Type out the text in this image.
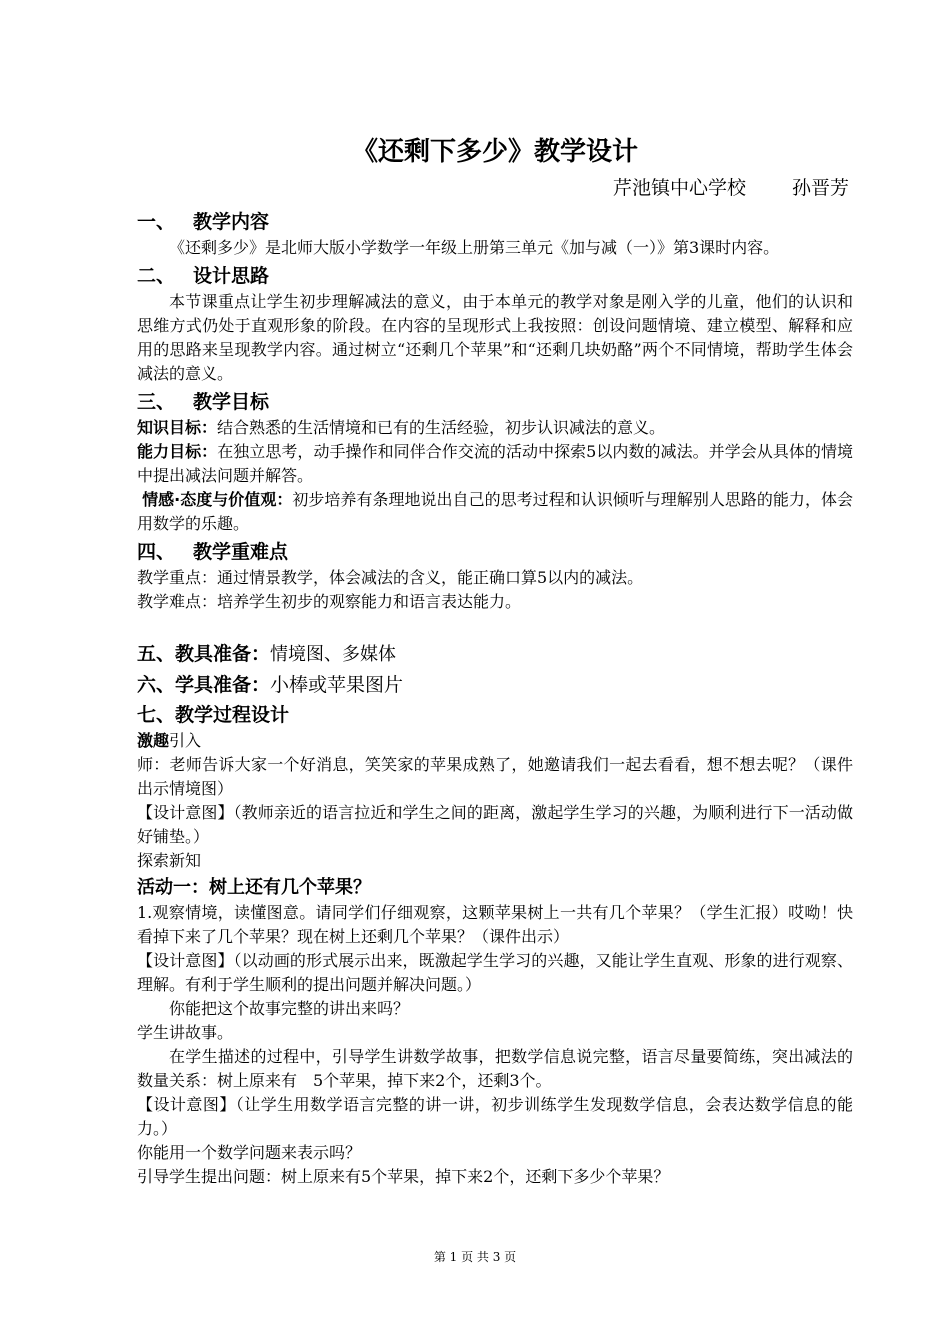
《还剩下多少》教学设计
芹池镇中心学校 孙晋芳
一、 教学内容

《还剩多少》是北师大版小学数学一年级上册第三单元《加与减（一）》第3课时内容。

二、 设计思路

本节课重点让学生初步理解减法的意义，由于本单元的教学对象是刚入学的儿童，他们的认识和思维方式仍处于直观形象的阶段。在内容的呈现形式上我按照：创设问题情境、建立模型、解释和应用的思路来呈现教学内容。通过树立“还剩几个苹果”和“还剩几块奶酪”两个不同情境，帮助学生体会减法的意义。

三、 教学目标

知识目标：结合熟悉的生活情境和已有的生活经验，初步认识减法的意义。

能力目标：在独立思考，动手操作和同伴合作交流的活动中探索5以内数的减法。并学会从具体的情境中提出减法问题并解答。

情感·态度与价值观：初步培养有条理地说出自己的思考过程和认识倾听与理解别人思路的能力，体会用数学的乐趣。

四、 教学重难点

教学重点：通过情景教学，体会减法的含义，能正确口算5以内的减法。

教学难点：培养学生初步的观察能力和语言表达能力。

五、教具准备：情境图、多媒体
六、学具准备：小棒或苹果图片
七、教学过程设计

激趣引入

师：老师告诉大家一个好消息，笑笑家的苹果成熟了，她邀请我们一起去看看，想不想去呢？（课件出示情境图）

【设计意图】（教师亲近的语言拉近和学生之间的距离，激起学生学习的兴趣，为顺利进行下一活动做好铺垫。）

探索新知

活动一：树上还有几个苹果？

1.观察情境，读懂图意。请同学们仔细观察，这颗苹果树上一共有几个苹果？（学生汇报）哎呦！快看掉下来了几个苹果？现在树上还剩几个苹果？（课件出示）

【设计意图】（以动画的形式展示出来，既激起学生学习的兴趣，又能让学生直观、形象的进行观察、理解。有利于学生顺利的提出问题并解决问题。）

你能把这个故事完整的讲出来吗？

学生讲故事。

在学生描述的过程中，引导学生讲数学故事，把数学信息说完整，语言尽量要简练，突出减法的数量关系：树上原来有　5个苹果，掉下来2个，还剩3个。

【设计意图】（让学生用数学语言完整的讲一讲，初步训练学生发现数学信息，会表达数学信息的能力。）

你能用一个数学问题来表示吗？

引导学生提出问题：树上原来有5个苹果，掉下来2个，还剩下多少个苹果？

第 1 页 共 3 页
